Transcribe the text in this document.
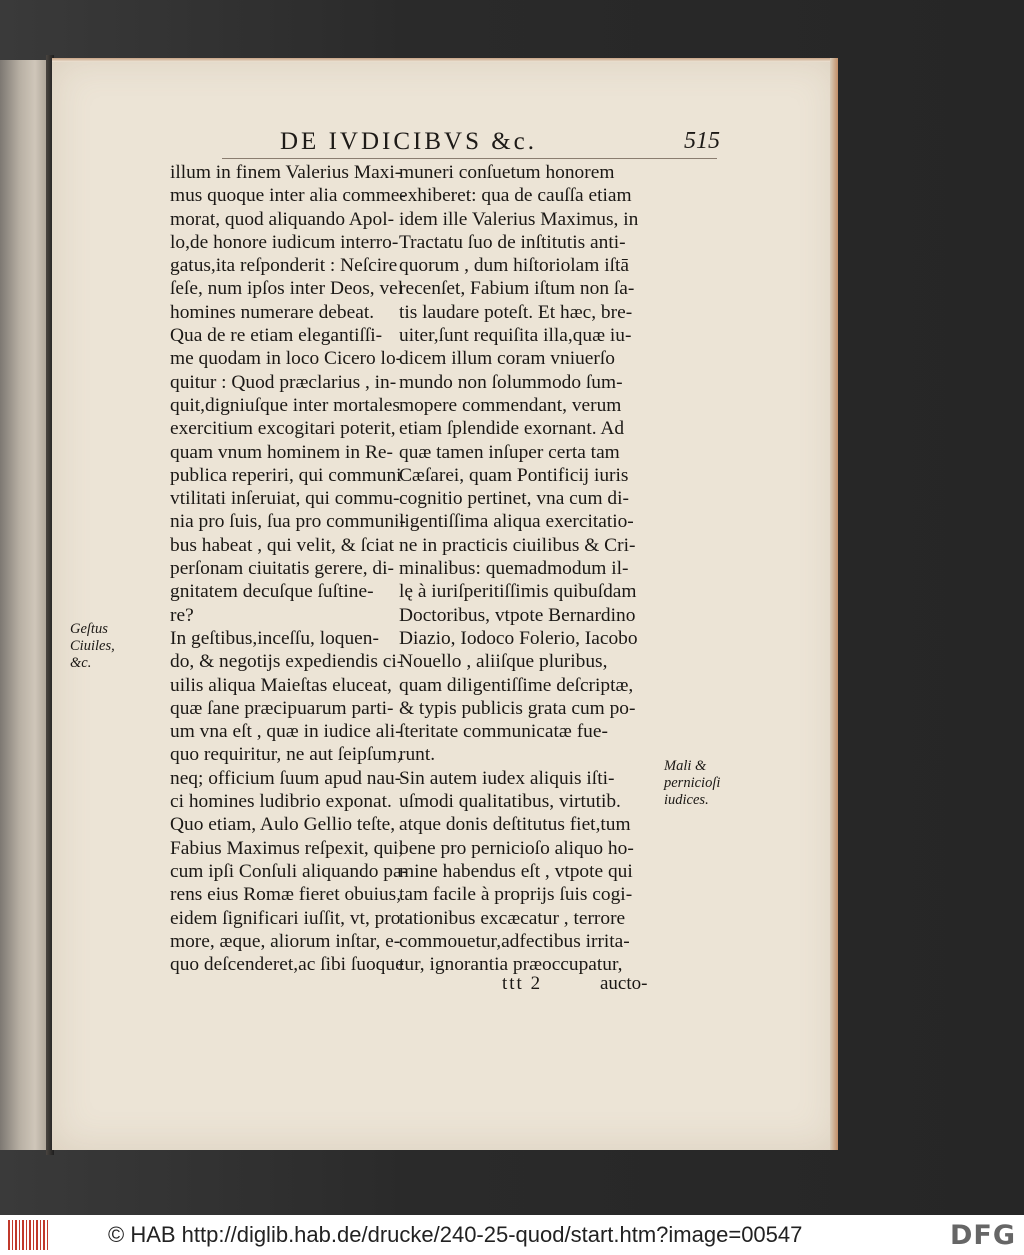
DE IVDICIBVS &c.	515
illum in finem Valerius Maxi-
mus quoque inter alia comme-
morat, quod aliquando Apol-
lo,de honore iudicum interro-
gatus,ita reſponderit : Neſcire
ſeſe, num ipſos inter Deos, vel
homines numerare debeat.
Qua de re etiam elegantiſſi-
me quodam in loco Cicero lo-
quitur : Quod præclarius , in-
quit,digniuſque inter mortales
exercitium excogitari poterit,
quam vnum hominem in Re-
publica reperiri, qui communi
vtilitati inſeruiat, qui commu-
nia pro ſuis, ſua pro communi-
bus habeat , qui velit, & ſciat
perſonam ciuitatis gerere, di-
gnitatem decuſque ſuſtine-
re?
In geſtibus,inceſſu, loquen-
do, & negotijs expediendis ci-
uilis aliqua Maieſtas eluceat,
quæ ſane præcipuarum parti-
um vna eſt , quæ in iudice ali-
quo requiritur, ne aut ſeipſum,
neq; officium ſuum apud nau-
ci homines ludibrio exponat.
Quo etiam, Aulo Gellio teſte,
Fabius Maximus reſpexit, qui,
cum ipſi Conſuli aliquando pa-
rens eius Romæ fieret obuius,
eidem ſignificari iuſſit, vt, pro
more, æque, aliorum inſtar, e-
quo deſcenderet,ac ſibi ſuoque
muneri conſuetum honorem
exhiberet: qua de cauſſa etiam
idem ille Valerius Maximus, in
Tractatu ſuo de inſtitutis anti-
quorum , dum hiſtoriolam iſtā
recenſet, Fabium iſtum non ſa-
tis laudare poteſt. Et hæc, bre-
uiter,ſunt requiſita illa,quæ iu-
dicem illum coram vniuerſo
mundo non ſolummodo ſum-
mopere commendant, verum
etiam ſplendide exornant. Ad
quæ tamen inſuper certa tam
Cæſarei, quam Pontificij iuris
cognitio pertinet, vna cum di-
ligentiſſima aliqua exercitatio-
ne in practicis ciuilibus & Cri-
minalibus: quemadmodum il-
lę à iuriſperitiſſimis quibuſdam
Doctoribus, vtpote Bernardino
Diazio, Iodoco Folerio, Iacobo
Nouello , aliiſque pluribus,
quam diligentiſſime deſcriptæ,
& typis publicis grata cum po-
ſteritate communicatæ fue-
runt.
Sin autem iudex aliquis iſti-
uſmodi qualitatibus, virtutib.
atque donis deſtitutus fiet,tum
bene pro pernicioſo aliquo ho-
mine habendus eſt , vtpote qui
tam facile à proprijs ſuis cogi-
tationibus excæcatur , terrore
commouetur,adfectibus irrita-
tur, ignorantia præoccupatur,
Geſtus
Ciuiles,
&c.
Mali &
pernicioſi
iudices.
ttt 2	aucto-
© HAB http://diglib.hab.de/drucke/240-25-quod/start.htm?image=00547	DFG
